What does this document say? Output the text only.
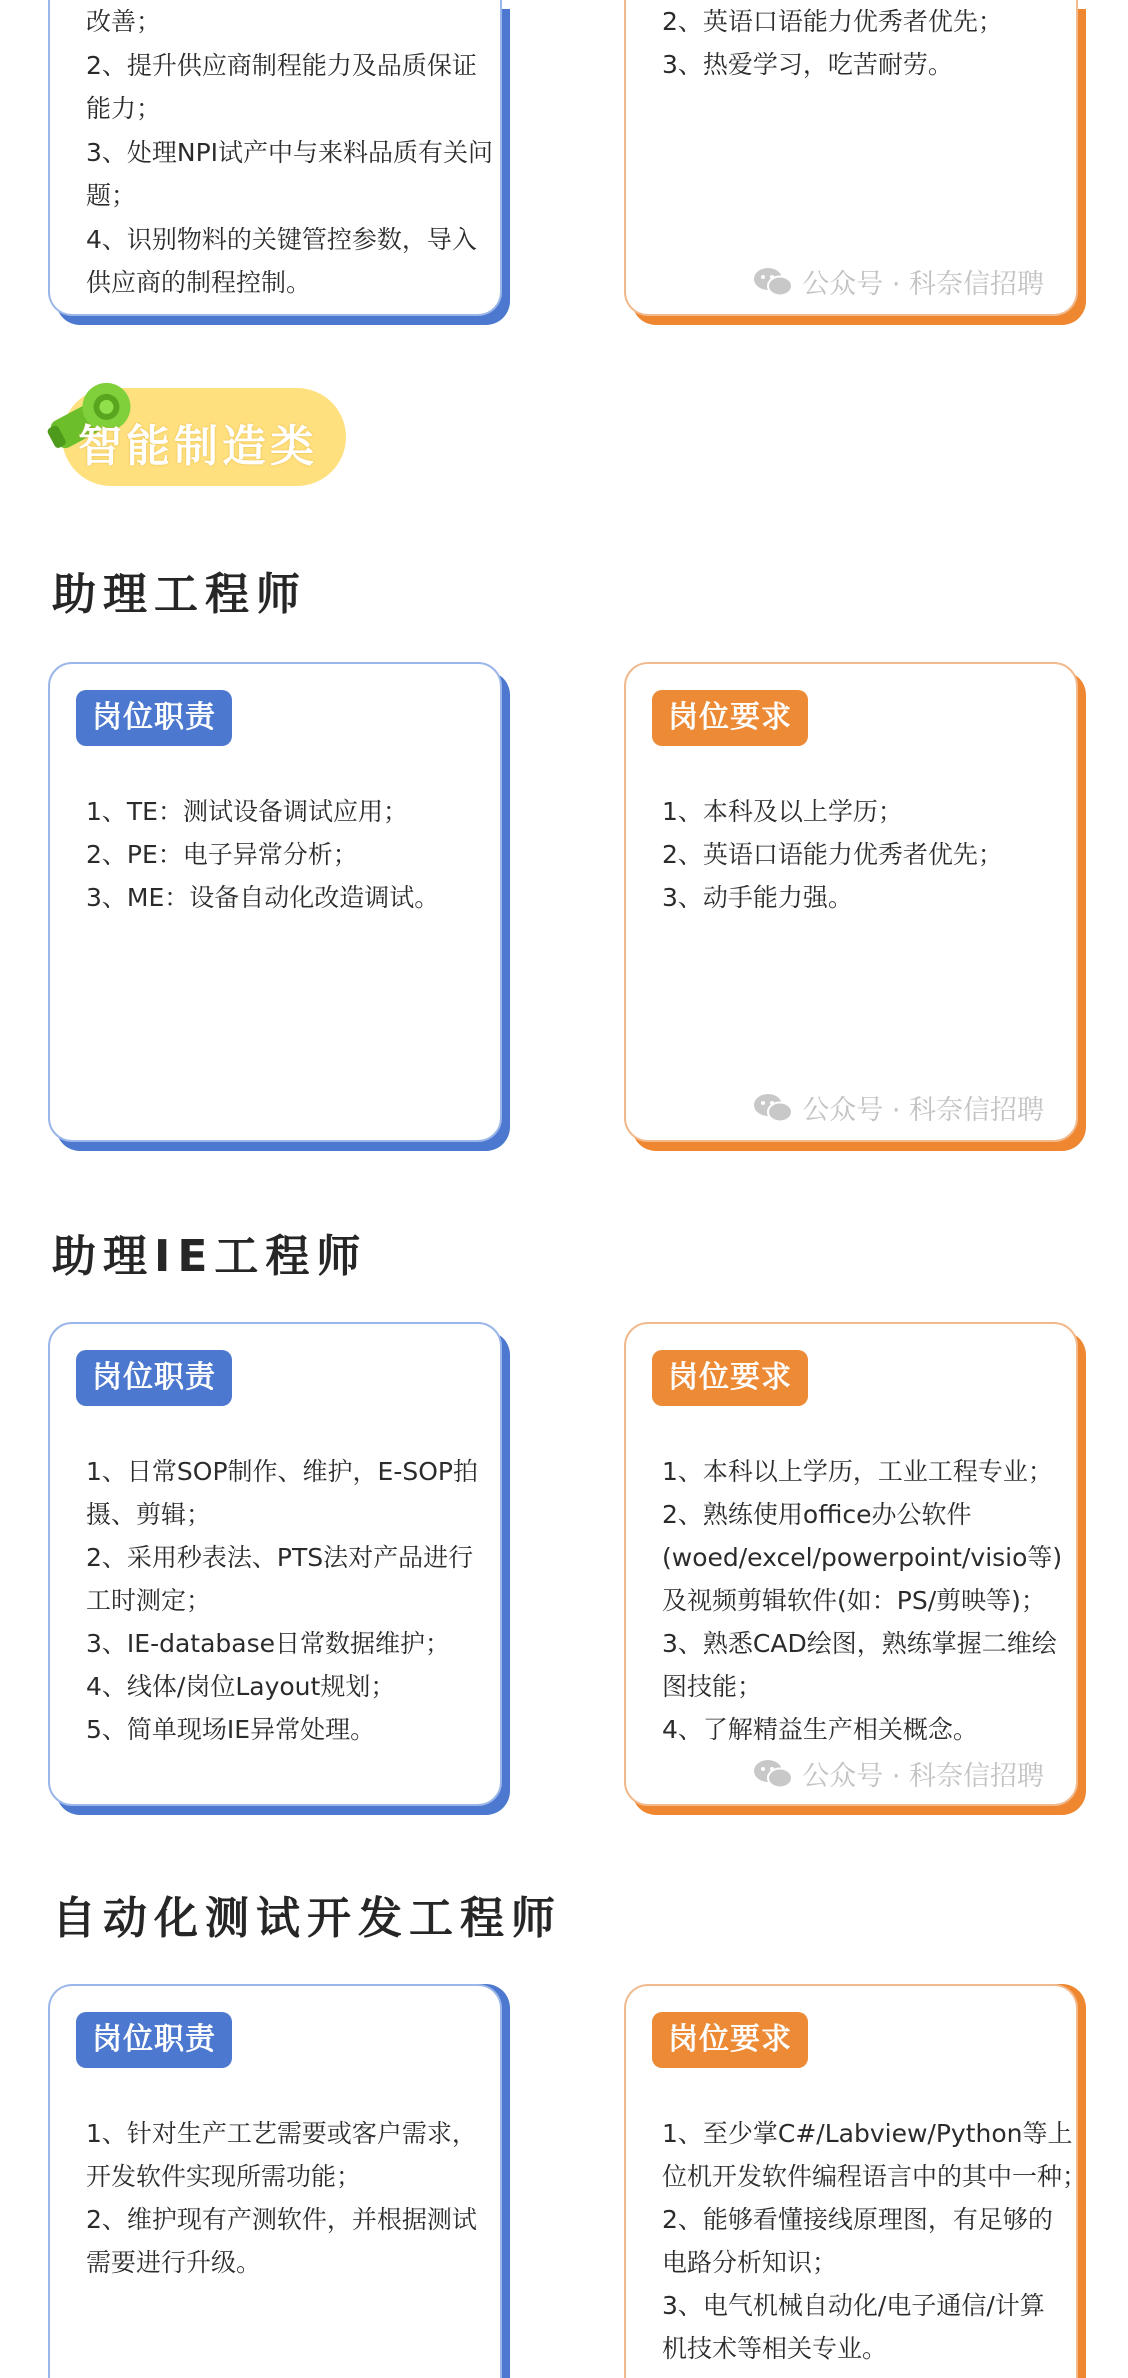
改善；
2、提升供应商制程能力及品质保证
能力；
3、处理NPI试产中与来料品质有关问
题；
4、识别物料的关键管控参数，导入
供应商的制程控制。
2、英语口语能力优秀者优先；
3、热爱学习，吃苦耐劳。
公众号 · 科奈信招聘
智能制造类
助理工程师
岗位职责
1、TE：测试设备调试应用；
2、PE：电子异常分析；
3、ME：设备自动化改造调试。
岗位要求
1、本科及以上学历；
2、英语口语能力优秀者优先；
3、动手能力强。
公众号 · 科奈信招聘
助理IE工程师
岗位职责
1、日常SOP制作、维护，E-SOP拍
摄、剪辑；
2、采用秒表法、PTS法对产品进行
工时测定；
3、IE-database日常数据维护；
4、线体/岗位Layout规划；
5、简单现场IE异常处理。
岗位要求
1、本科以上学历，工业工程专业；
2、熟练使用office办公软件
(woed/excel/powerpoint/visio等)
及视频剪辑软件(如：PS/剪映等)；
3、熟悉CAD绘图，熟练掌握二维绘
图技能；
4、了解精益生产相关概念。
公众号 · 科奈信招聘
自动化测试开发工程师
岗位职责
1、针对生产工艺需要或客户需求，
开发软件实现所需功能；
2、维护现有产测软件，并根据测试
需要进行升级。
岗位要求
1、至少掌C#/Labview/Python等上
位机开发软件编程语言中的其中一种；
2、能够看懂接线原理图，有足够的
电路分析知识；
3、电气机械自动化/电子通信/计算
机技术等相关专业。
